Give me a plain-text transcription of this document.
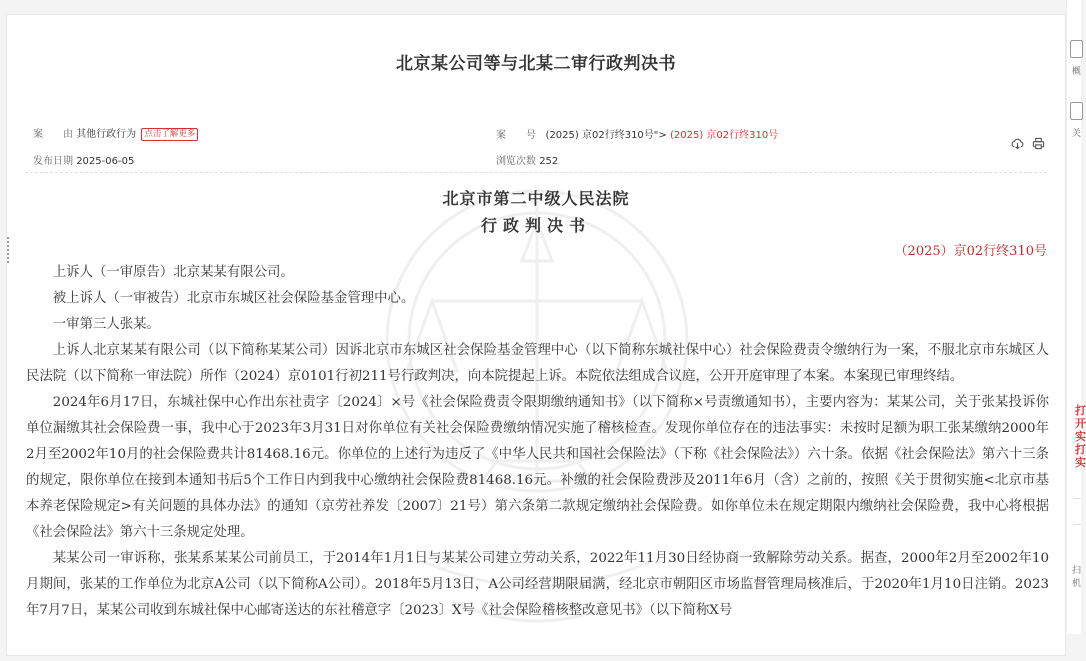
北京某公司等与北某二审行政判决书
案　　由 其他行政行为 点击了解更多	案　　号 (2025) 京02行终310号"> (2025) 京02行终310号
发布日期 2025-06-05	浏览次数 252
北京市第二中级人民法院
行政判决书
（2025）京02行终310号

上诉人（一审原告）北京某某有限公司。

被上诉人（一审被告）北京市东城区社会保险基金管理中心。

一审第三人张某。

上诉人北京某某有限公司（以下简称某某公司）因诉北京市东城区社会保险基金管理中心（以下简称东城社保中心）社会保险费责令缴纳行为一案，不服北京市东城区人民法院（以下简称一审法院）所作（2024）京0101行初211号行政判决，向本院提起上诉。本院依法组成合议庭，公开开庭审理了本案。本案现已审理终结。

2024年6月17日，东城社保中心作出东社责字〔2024〕×号《社会保险费责令限期缴纳通知书》（以下简称×号责缴通知书），主要内容为：某某公司，关于张某投诉你单位漏缴其社会保险费一事，我中心于2023年3月31日对你单位有关社会保险费缴纳情况实施了稽核检查。发现你单位存在的违法事实：未按时足额为职工张某缴纳2000年2月至2002年10月的社会保险费共计81468.16元。你单位的上述行为违反了《中华人民共和国社会保险法》（下称《社会保险法》）六十条。依据《社会保险法》第六十三条的规定，限你单位在接到本通知书后5个工作日内到我中心缴纳社会保险费81468.16元。补缴的社会保险费涉及2011年6月（含）之前的，按照《关于贯彻实施<北京市基本养老保险规定>有关问题的具体办法》的通知（京劳社养发〔2007〕21号）第六条第二款规定缴纳社会保险费。如你单位未在规定期限内缴纳社会保险费，我中心将根据《社会保险法》第六十三条规定处理。

某某公司一审诉称，张某系某某公司前员工，于2014年1月1日与某某公司建立劳动关系，2022年11月30日经协商一致解除劳动关系。据查，2000年2月至2002年10月期间，张某的工作单位为北京A公司（以下简称A公司）。2018年5月13日，A公司经营期限届满，经北京市朝阳区市场监督管理局核准后，于2020年1月10日注销。2023年7月7日，某某公司收到东城社保中心邮寄送达的东社稽意字〔2023〕X号《社会保险稽核整改意见书》（以下简称X号

概
关
打开实打实
扫
机
